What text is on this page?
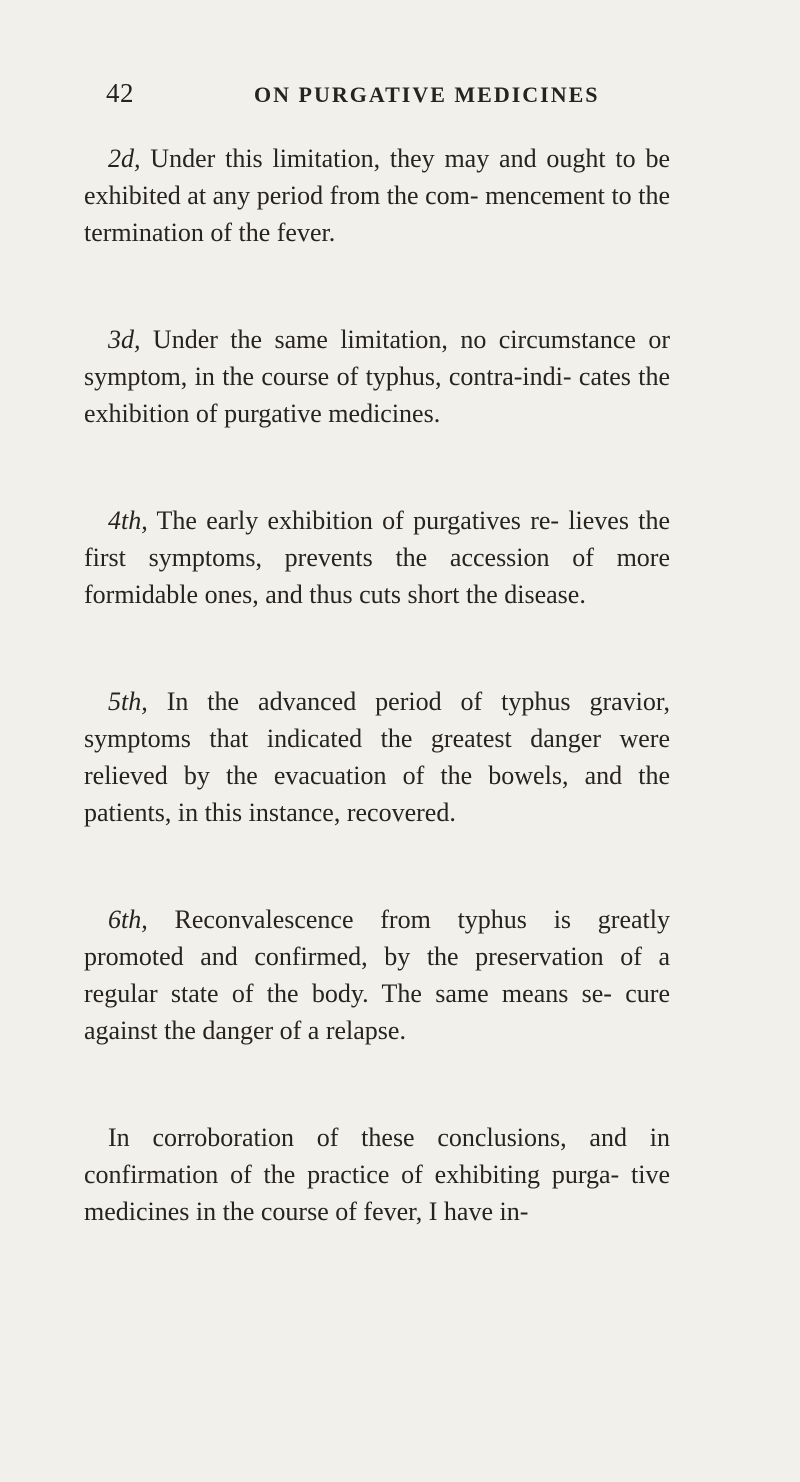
42	ON PURGATIVE MEDICINES

2d, Under this limitation, they may and ought to be exhibited at any period from the com- mencement to the termination of the fever.

3d, Under the same limitation, no circumstance or symptom, in the course of typhus, contra-indi- cates the exhibition of purgative medicines.

4th, The early exhibition of purgatives re- lieves the first symptoms, prevents the accession of more formidable ones, and thus cuts short the disease.

5th, In the advanced period of typhus gravior, symptoms that indicated the greatest danger were relieved by the evacuation of the bowels, and the patients, in this instance, recovered.

6th, Reconvalescence from typhus is greatly promoted and confirmed, by the preservation of a regular state of the body. The same means se- cure against the danger of a relapse.

In corroboration of these conclusions, and in confirmation of the practice of exhibiting purga- tive medicines in the course of fever, I have in-
